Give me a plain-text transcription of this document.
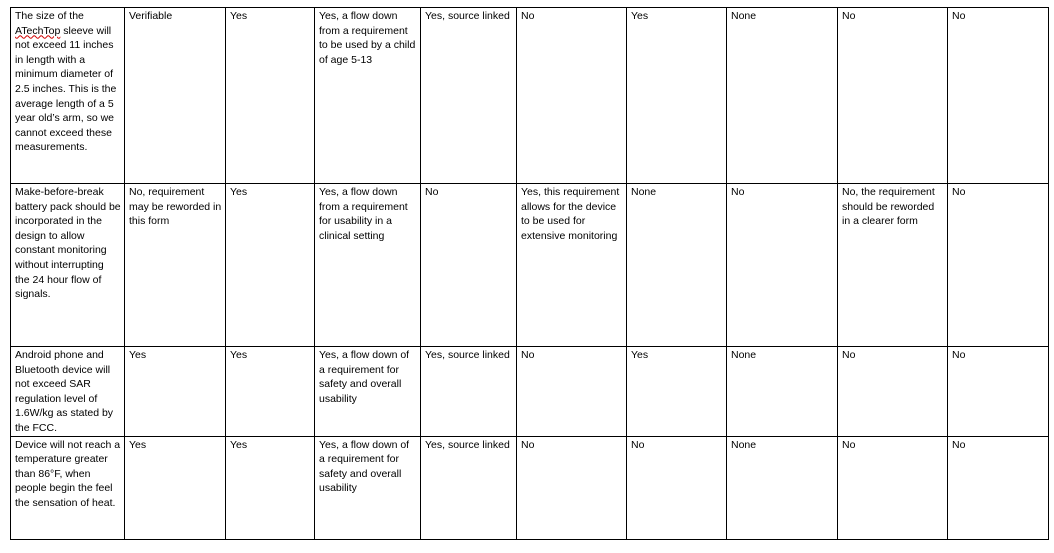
The size of the ATechTop sleeve will not exceed 11 inches in length with a minimum diameter of 2.5 inches. This is the average length of a 5 year old’s arm, so we cannot exceed these measurements.	Verifiable	Yes	Yes, a flow down from a requirement to be used by a child of age 5-13	Yes, source linked	No	Yes	None	No	No
Make-before-break battery pack should be incorporated in the design to allow constant monitoring without interrupting the 24 hour flow of signals.	No, requirement may be reworded in this form	Yes	Yes, a flow down from a requirement for usability in a clinical setting	No	Yes, this requirement allows for the device to be used for extensive monitoring	None	No	No, the requirement should be reworded in a clearer form	No
Android phone and Bluetooth device will not exceed SAR regulation level of 1.6W/kg as stated by the FCC.	Yes	Yes	Yes, a flow down of a requirement for safety and overall usability	Yes, source linked	No	Yes	None	No	No
Device will not reach a temperature greater than 86°F, when people begin the feel the sensation of heat.	Yes	Yes	Yes, a flow down of a requirement for safety and overall usability	Yes, source linked	No	No	None	No	No
